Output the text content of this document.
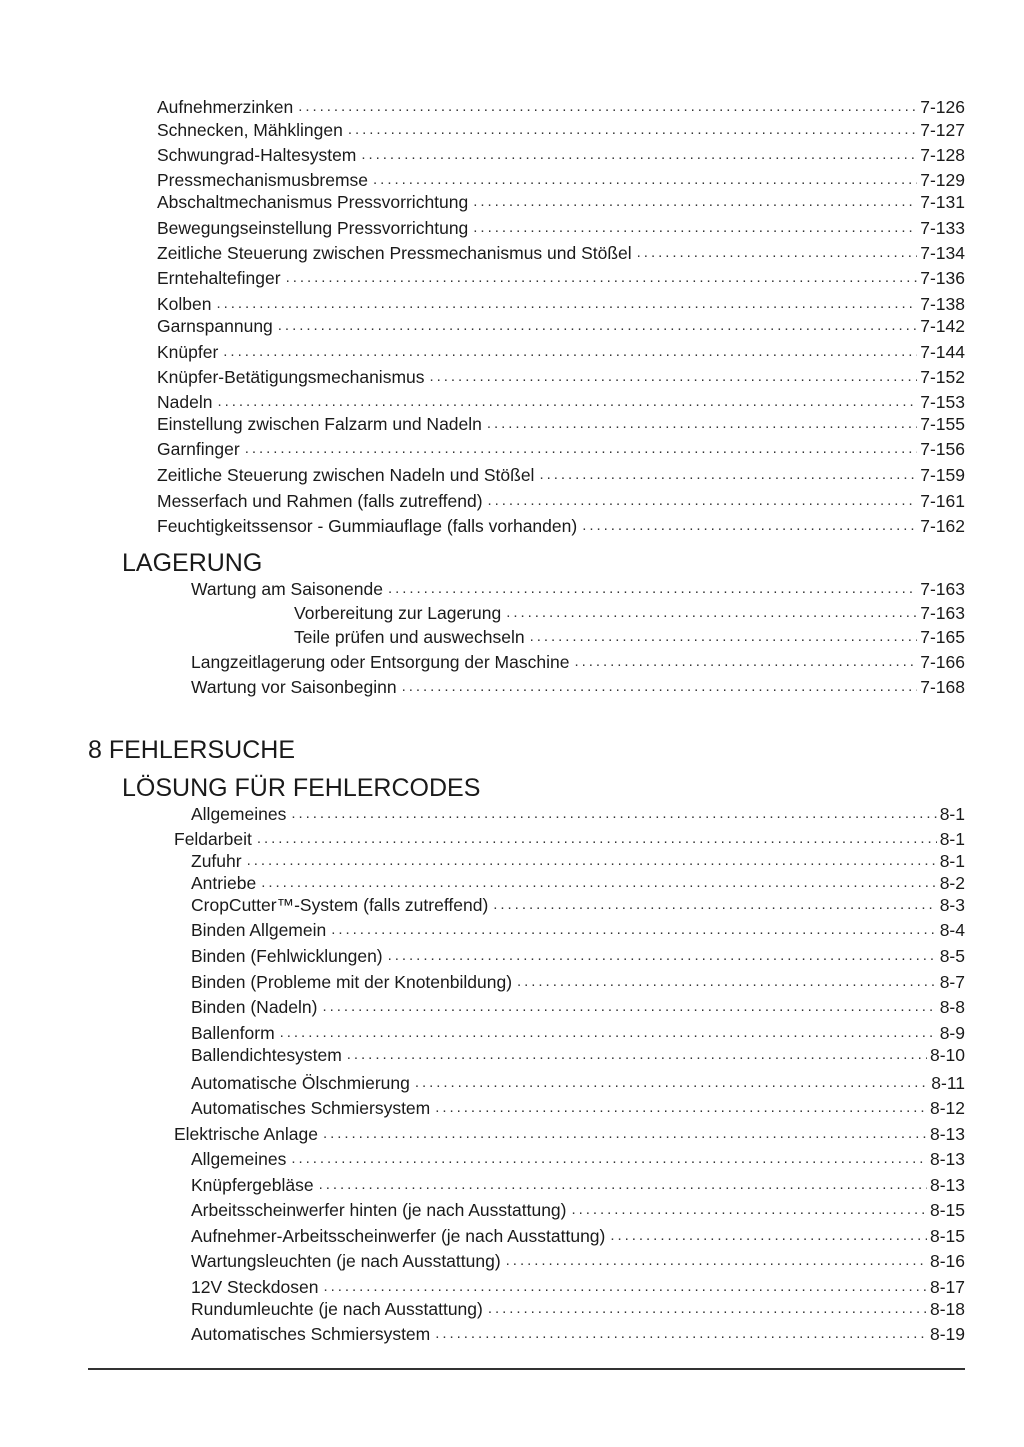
Aufnehmerzinken . . .	7-126
Schnecken, Mähklingen . . .	7-127
Schwungrad-Haltesystem . . .	7-128
Pressmechanismusbremse . . .	7-129
Abschaltmechanismus Pressvorrichtung . . .	7-131
Bewegungseinstellung Pressvorrichtung . . .	7-133
Zeitliche Steuerung zwischen Pressmechanismus und Stößel . . .	7-134
Erntehaltefinger . . .	7-136
Kolben . . .	7-138
Garnspannung . . .	7-142
Knüpfer . . .	7-144
Knüpfer-Betätigungsmechanismus . . .	7-152
Nadeln . . .	7-153
Einstellung zwischen Falzarm und Nadeln . . .	7-155
Garnfinger . . .	7-156
Zeitliche Steuerung zwischen Nadeln und Stößel . . .	7-159
Messerfach und Rahmen (falls zutreffend) . . .	7-161
Feuchtigkeitssensor - Gummiauflage (falls vorhanden) . . .	7-162
LAGERUNG
Wartung am Saisonende . . .	7-163
Vorbereitung zur Lagerung . . .	7-163
Teile prüfen und auswechseln . . .	7-165
Langzeitlagerung oder Entsorgung der Maschine . . .	7-166
Wartung vor Saisonbeginn . . .	7-168
8 FEHLERSUCHE
LÖSUNG FÜR FEHLERCODES
Allgemeines . . .	8-1
Feldarbeit . . .	8-1
Zufuhr . . .	8-1
Antriebe . . .	8-2
CropCutter™-System (falls zutreffend) . . .	8-3
Binden Allgemein . . .	8-4
Binden (Fehlwicklungen) . . .	8-5
Binden (Probleme mit der Knotenbildung) . . .	8-7
Binden (Nadeln) . . .	8-8
Ballenform . . .	8-9
Ballendichtesystem . . .	8-10
Automatische Ölschmierung . . .	8-11
Automatisches Schmiersystem . . .	8-12
Elektrische Anlage . . .	8-13
Allgemeines . . .	8-13
Knüpfergebläse . . .	8-13
Arbeitsscheinwerfer hinten (je nach Ausstattung) . . .	8-15
Aufnehmer-Arbeitsscheinwerfer (je nach Ausstattung) . . .	8-15
Wartungsleuchten (je nach Ausstattung) . . .	8-16
12V Steckdosen . . .	8-17
Rundumleuchte (je nach Ausstattung) . . .	8-18
Automatisches Schmiersystem . . .	8-19
